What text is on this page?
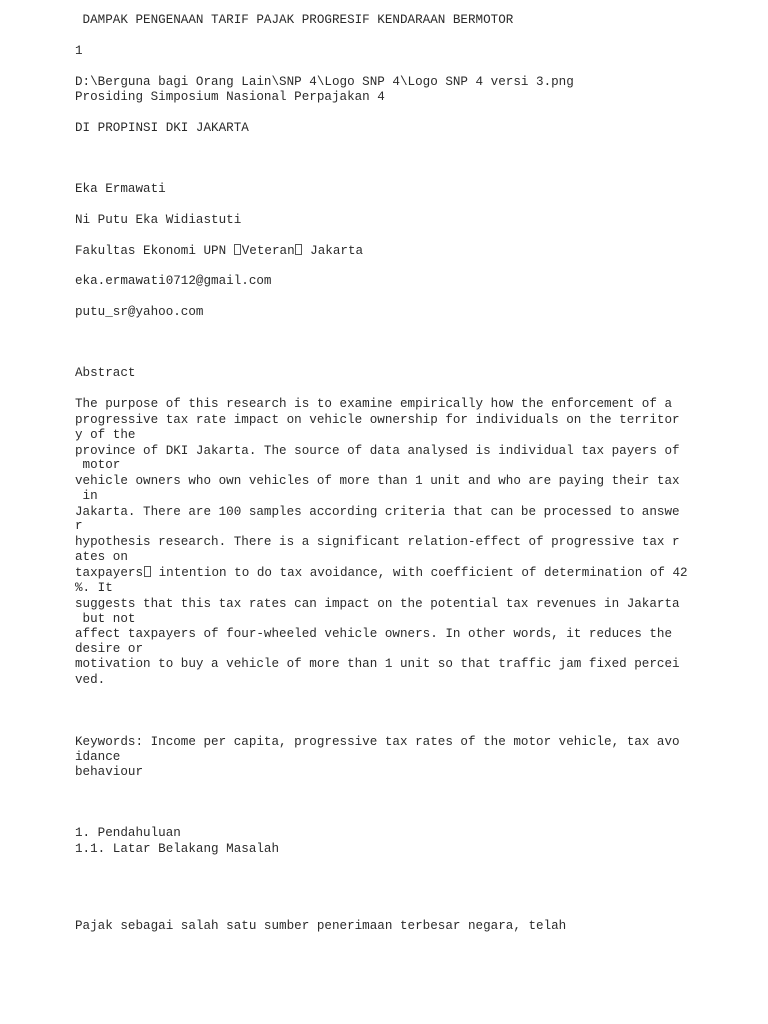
DAMPAK PENGENAAN TARIF PAJAK PROGRESIF KENDARAAN BERMOTOR
1
D:\Berguna bagi Orang Lain\SNP 4\Logo SNP 4\Logo SNP 4 versi 3.png
Prosiding Simposium Nasional Perpajakan 4
DI PROPINSI DKI JAKARTA
Eka Ermawati
Ni Putu Eka Widiastuti
Fakultas Ekonomi UPN Veteran Jakarta
eka.ermawati0712@gmail.com
putu_sr@yahoo.com
Abstract
The purpose of this research is to examine empirically how the enforcement of a
progressive tax rate impact on vehicle ownership for individuals on the territor
y of the
province of DKI Jakarta. The source of data analysed is individual tax payers of
motor
vehicle owners who own vehicles of more than 1 unit and who are paying their tax
in
Jakarta. There are 100 samples according criteria that can be processed to answe
r
hypothesis research. There is a significant relation-effect of progressive tax r
ates on
taxpayers intention to do tax avoidance, with coefficient of determination of 42
%. It
suggests that this tax rates can impact on the potential tax revenues in Jakarta
but not
affect taxpayers of four-wheeled vehicle owners. In other words, it reduces the
desire or
motivation to buy a vehicle of more than 1 unit so that traffic jam fixed percei
ved.
Keywords: Income per capita, progressive tax rates of the motor vehicle, tax avo
idance
behaviour
1. Pendahuluan
1.1. Latar Belakang Masalah
Pajak sebagai salah satu sumber penerimaan terbesar negara, telah
